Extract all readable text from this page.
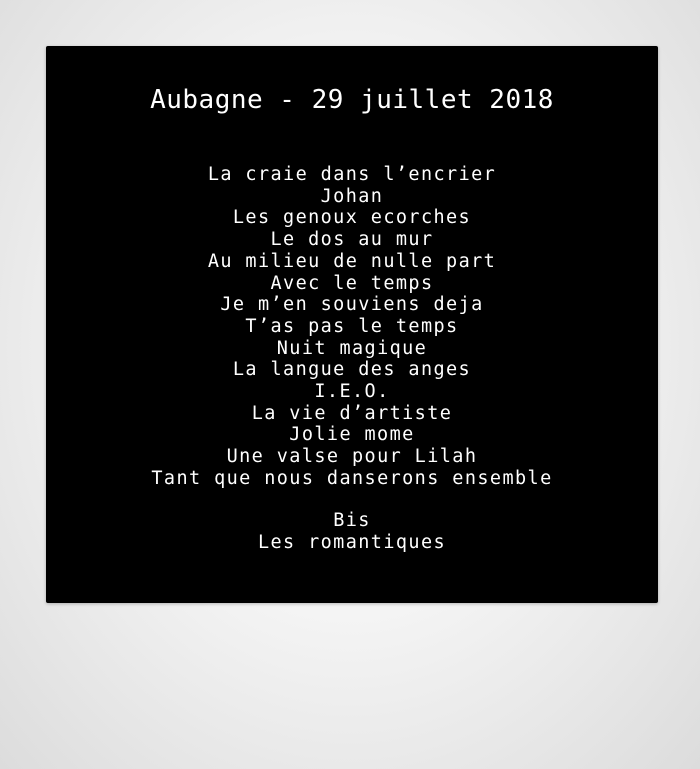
Aubagne - 29 juillet 2018
La craie dans l’encrier
Johan
Les genoux ecorches
Le dos au mur
Au milieu de nulle part
Avec le temps
Je m’en souviens deja
T’as pas le temps
Nuit magique
La langue des anges
I.E.O.
La vie d’artiste
Jolie mome
Une valse pour Lilah
Tant que nous danserons ensemble
Bis
Les romantiques
